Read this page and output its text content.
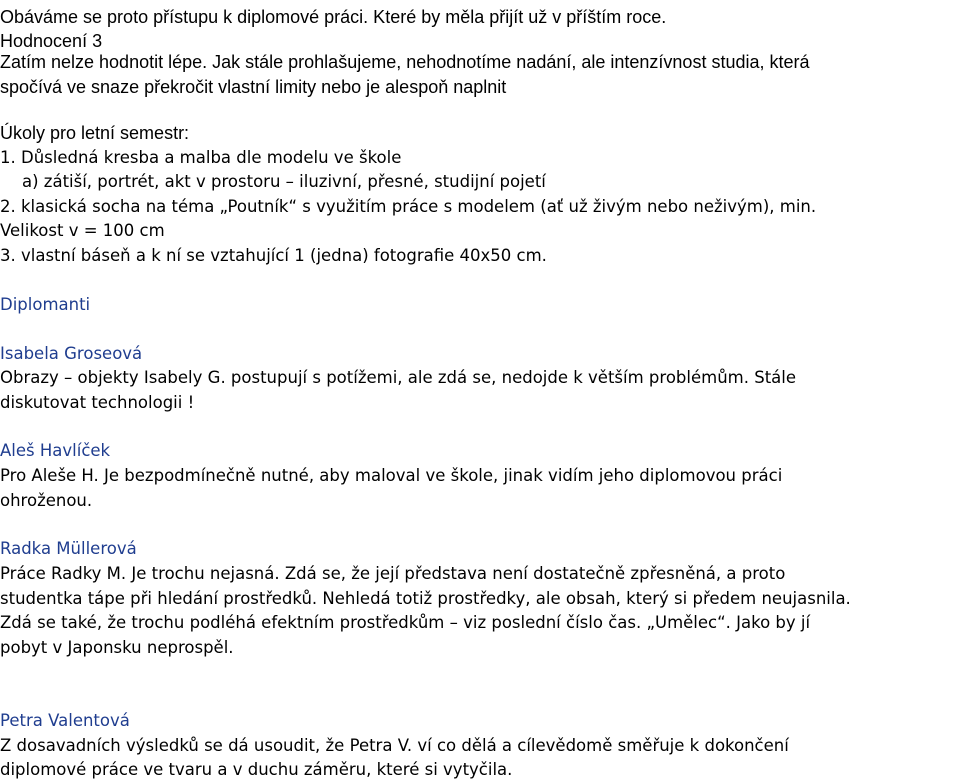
Obáváme se proto přístupu k diplomové práci. Které by měla přijít už v příštím roce.
Hodnocení 3
Zatím nelze hodnotit lépe. Jak stále prohlašujeme, nehodnotíme nadání, ale intenzívnost studia, která
spočívá ve snaze překročit vlastní limity nebo je alespoň naplnit
Úkoly pro letní semestr:
1. Důsledná kresba a malba dle modelu ve škole
a) zátiší, portrét, akt v prostoru – iluzivní, přesné, studijní pojetí
2. klasická socha na téma „Poutník“ s využitím práce s modelem (ať už živým nebo neživým), min.
Velikost v = 100 cm
3. vlastní báseň a k ní se vztahující 1 (jedna) fotografie 40x50 cm.
Diplomanti
Isabela Groseová
Obrazy – objekty Isabely G. postupují s potížemi, ale zdá se, nedojde k větším problémům. Stále
diskutovat technologii !
Aleš Havlíček
Pro Aleše H. Je bezpodmínečně nutné, aby maloval ve škole, jinak vidím jeho diplomovou práci
ohroženou.
Radka Müllerová
Práce Radky M. Je trochu nejasná. Zdá se, že její představa není dostatečně zpřesněná, a proto
studentka tápe při hledání prostředků. Nehledá totiž prostředky, ale obsah, který si předem neujasnila.
Zdá se také, že trochu podléhá efektním prostředkům – viz poslední číslo čas. „Umělec“. Jako by jí
pobyt v Japonsku neprospěl.
Petra Valentová
Z dosavadních výsledků se dá usoudit, že Petra V. ví co dělá a cílevědomě směřuje k dokončení
diplomové práce ve tvaru a v duchu záměru, které si vytyčila.
